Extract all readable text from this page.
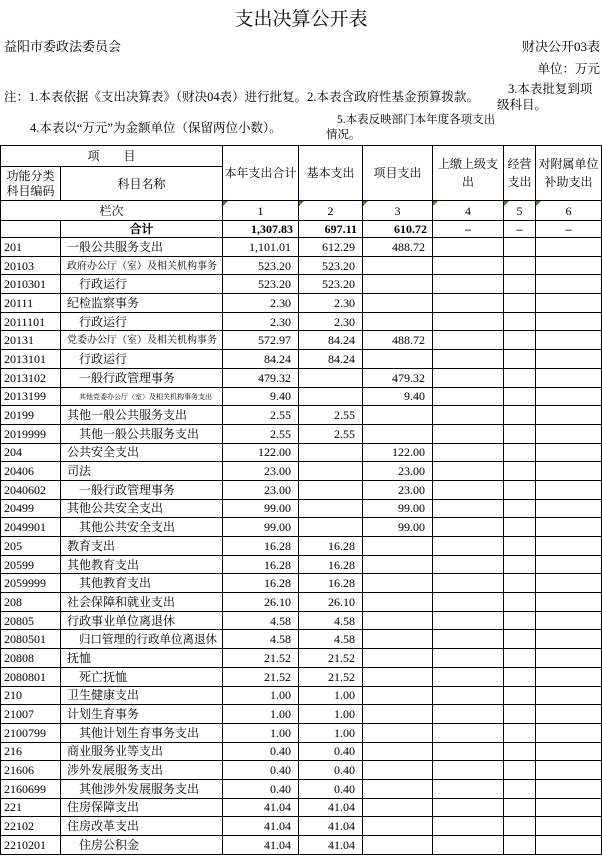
支出决算公开表
益阳市委政法委员会	财决公开03表
单位：万元
注：1.本表依据《支出决算表》（财决04表）进行批复。2.本表含政府性基金预算拨款。
3.本表批复到项
级科目。
4.本表以“万元”为金额单位（保留两位小数）。
5.本表反映部门本年度各项支出
情况。
项目		本年支出合计	基本支出	项目支出	上缴上级支出	经营支出	对附属单位补助支出
功能分类科目编码	科目名称						
栏次		1	2	3	4	5	6
	合计	1,307.83	697.11	610.72	–	–	–
201	一般公共服务支出	1,101.01	612.29	488.72			
20103	政府办公厅（室）及相关机构事务	523.20	523.20				
2010301	行政运行	523.20	523.20				
20111	纪检监察事务	2.30	2.30				
2011101	行政运行	2.30	2.30				
20131	党委办公厅（室）及相关机构事务	572.97	84.24	488.72			
2013101	行政运行	84.24	84.24				
2013102	一般行政管理事务	479.32		479.32			
2013199	其他党委办公厅（室）及相关机构事务支出	9.40		9.40			
20199	其他一般公共服务支出	2.55	2.55				
2019999	其他一般公共服务支出	2.55	2.55				
204	公共安全支出	122.00		122.00			
20406	司法	23.00		23.00			
2040602	一般行政管理事务	23.00		23.00			
20499	其他公共安全支出	99.00		99.00			
2049901	其他公共安全支出	99.00		99.00			
205	教育支出	16.28	16.28				
20599	其他教育支出	16.28	16.28				
2059999	其他教育支出	16.28	16.28				
208	社会保障和就业支出	26.10	26.10				
20805	行政事业单位离退休	4.58	4.58				
2080501	归口管理的行政单位离退休	4.58	4.58				
20808	抚恤	21.52	21.52				
2080801	死亡抚恤	21.52	21.52				
210	卫生健康支出	1.00	1.00				
21007	计划生育事务	1.00	1.00				
2100799	其他计划生育事务支出	1.00	1.00				
216	商业服务业等支出	0.40	0.40				
21606	涉外发展服务支出	0.40	0.40				
2160699	其他涉外发展服务支出	0.40	0.40				
221	住房保障支出	41.04	41.04				
22102	住房改革支出	41.04	41.04				
2210201	住房公积金	41.04	41.04				
